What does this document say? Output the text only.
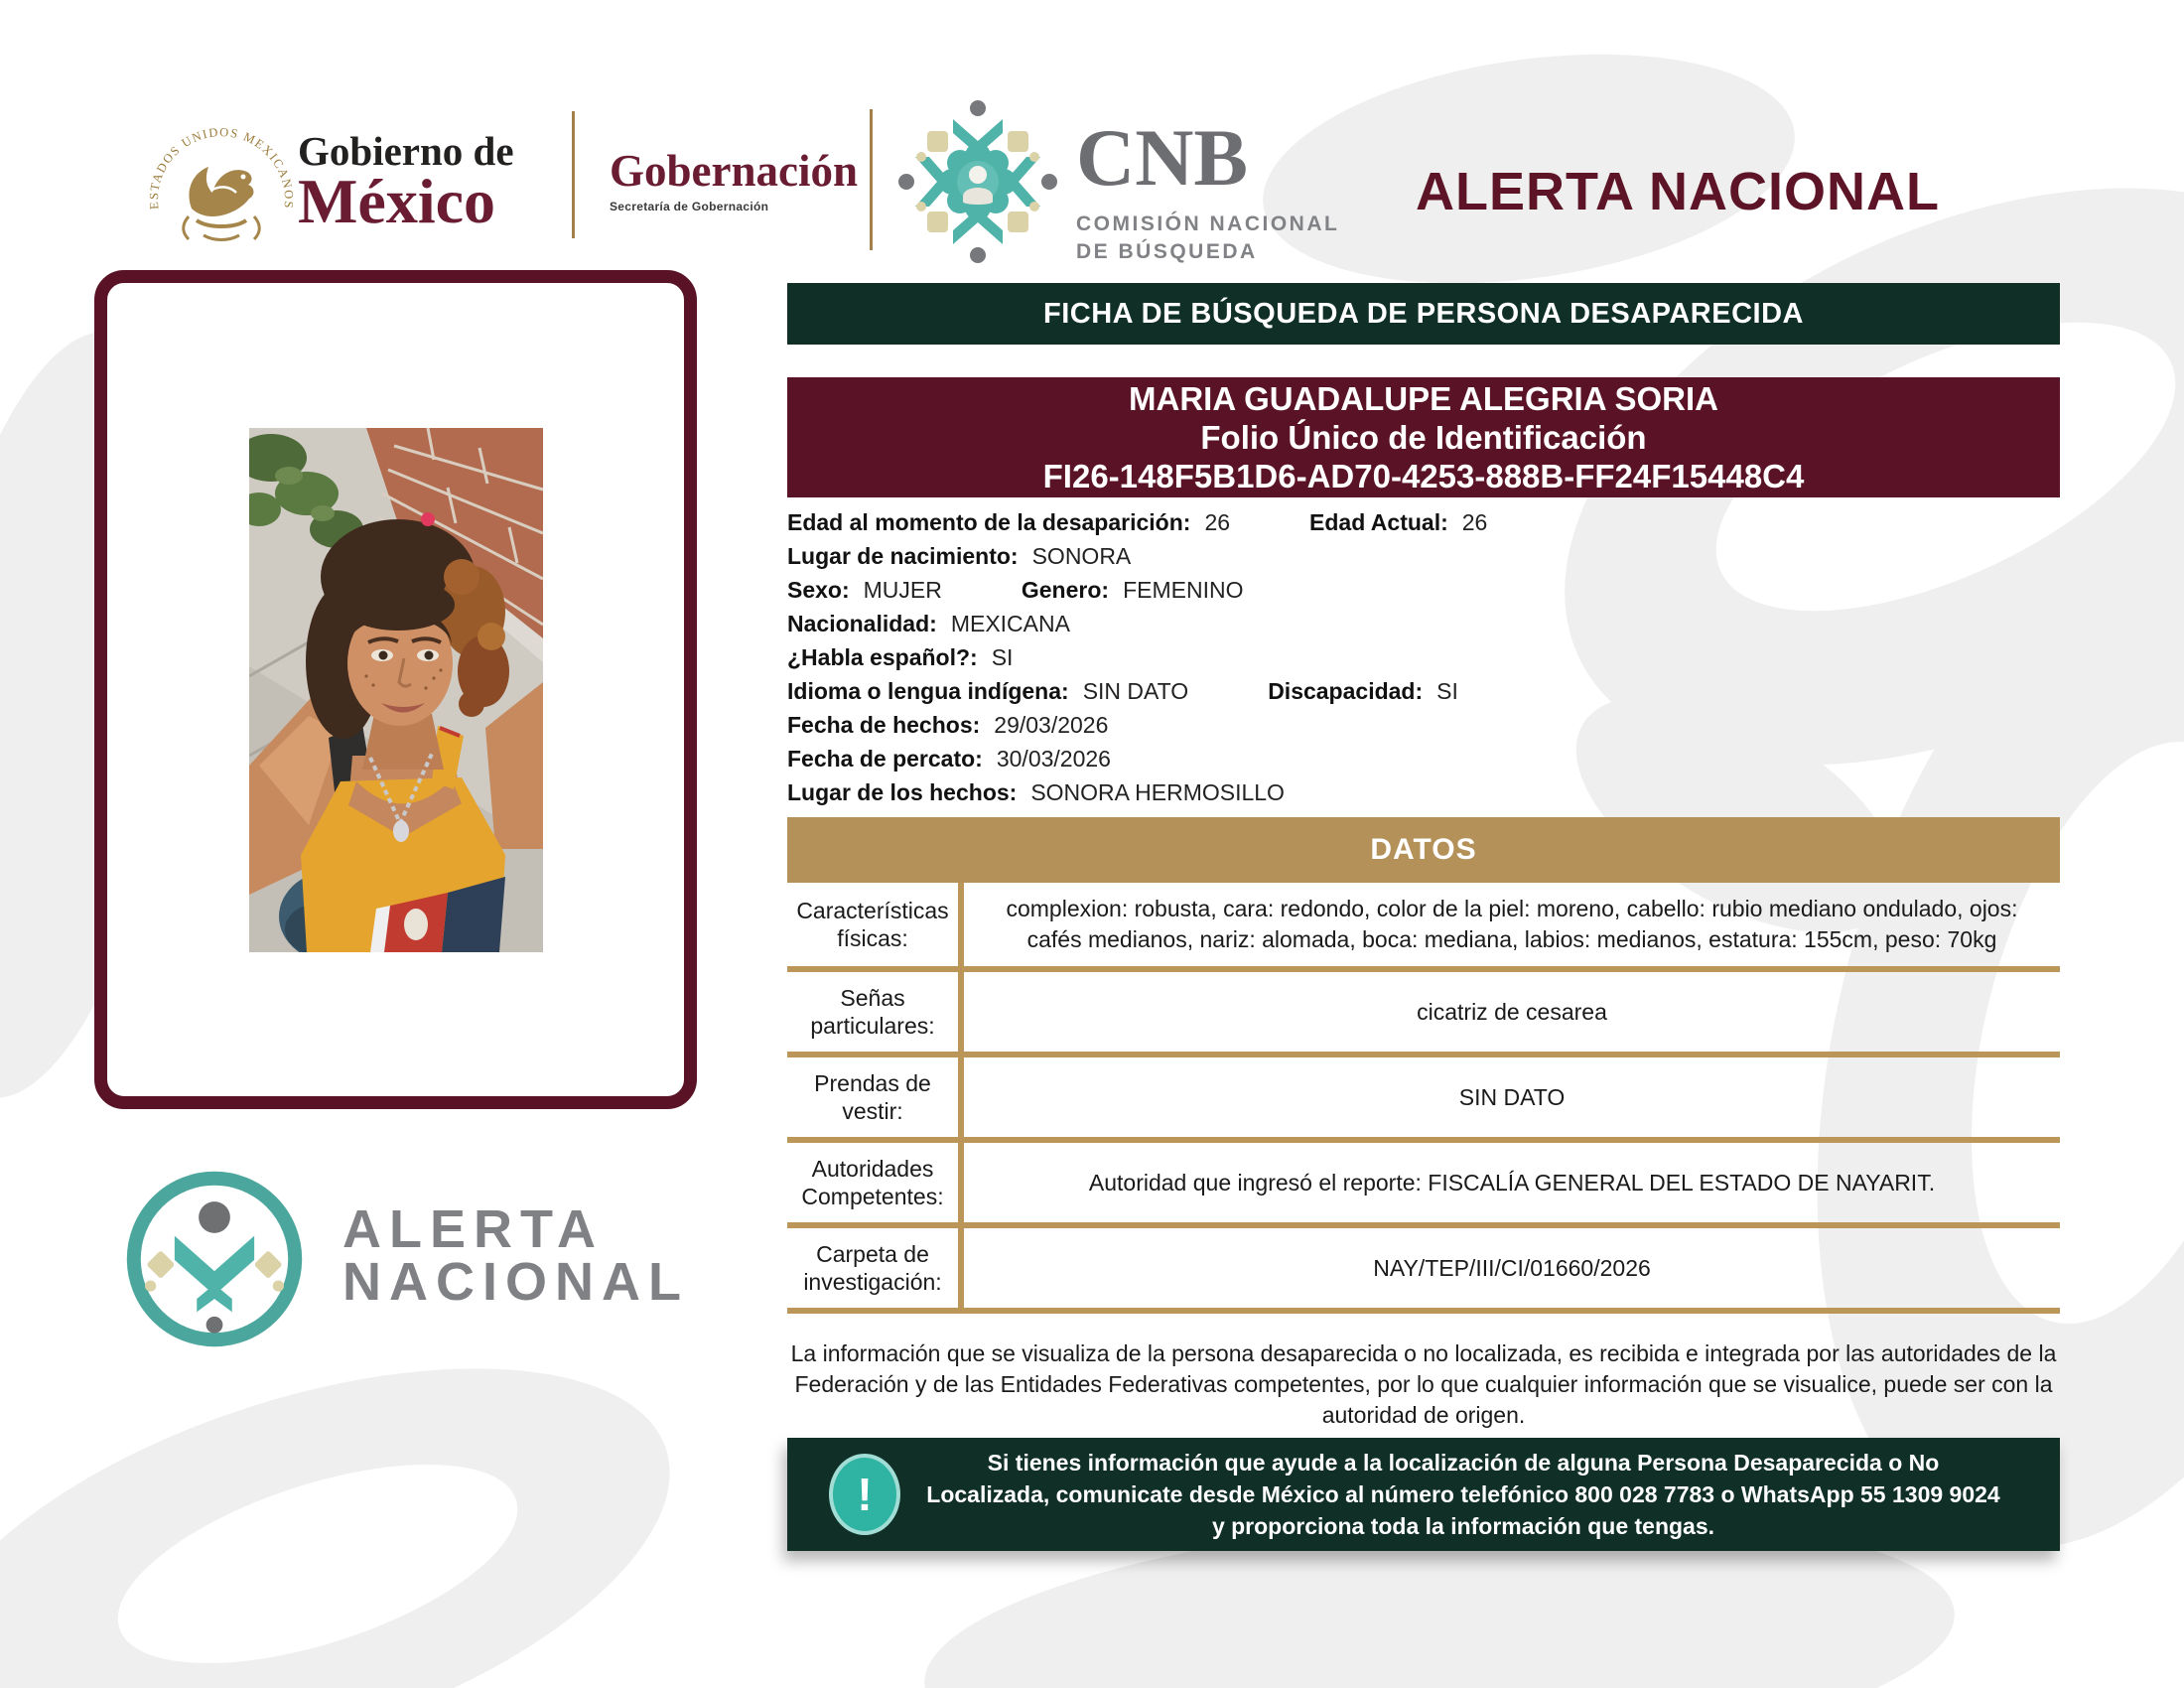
ESTADOS UNIDOS MEXICANOS
Gobierno de
México	Gobernación
Secretaría de Gobernación
CNB
COMISIÓN NACIONAL
DE BÚSQUEDA
ALERTA NACIONAL
ALERTA
NACIONAL
FICHA DE BÚSQUEDA DE PERSONA DESAPARECIDA
MARIA GUADALUPE ALEGRIA SORIA
Folio Único de Identificación
FI26-148F5B1D6-AD70-4253-888B-FF24F15448C4
Edad al momento de la desaparición: 26	Edad Actual: 26
Lugar de nacimiento: SONORA
Sexo: MUJER	Genero: FEMENINO
Nacionalidad: MEXICANA
¿Habla español?: SI
Idioma o lengua indígena: SIN DATO	Discapacidad: SI
Fecha de hechos: 29/03/2026
Fecha de percato: 30/03/2026
Lugar de los hechos: SONORA HERMOSILLO
DATOS
Características físicas:
complexion: robusta, cara: redondo, color de la piel: moreno, cabello: rubio mediano ondulado, ojos: cafés medianos, nariz: alomada, boca: mediana, labios: medianos, estatura: 155cm, peso: 70kg
Señas particulares:
cicatriz de cesarea
Prendas de vestir:
SIN DATO
Autoridades Competentes:
Autoridad que ingresó el reporte: FISCALÍA GENERAL DEL ESTADO DE NAYARIT.
Carpeta de investigación:
NAY/TEP/III/CI/01660/2026
La información que se visualiza de la persona desaparecida o no localizada, es recibida e integrada por las autoridades de la Federación y de las Entidades Federativas competentes, por lo que cualquier información que se visualice, puede ser con la autoridad de origen.
!
Si tienes información que ayude a la localización de alguna Persona Desaparecida o No Localizada, comunicate desde México al número telefónico 800 028 7783 o WhatsApp 55 1309 9024 y proporciona toda la información que tengas.
